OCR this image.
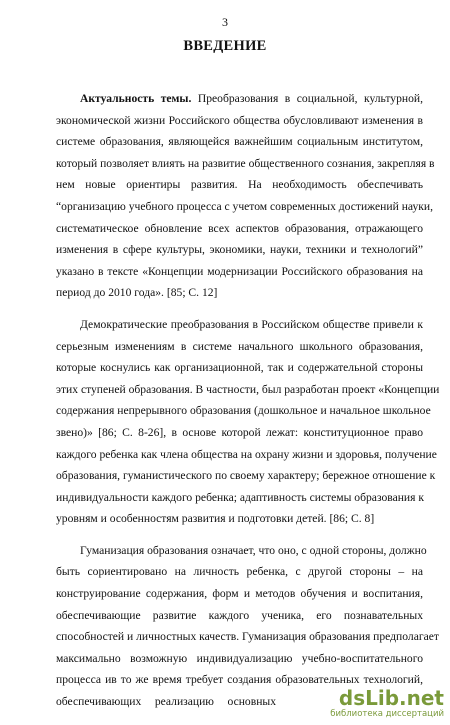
3
ВВЕДЕНИЕ
Актуальность темы. Преобразования в социальной, культурной,
экономической жизни Российского общества обусловливают изменения в
системе образования, являющейся важнейшим социальным институтом,
который позволяет влиять на развитие общественного сознания, закрепляя в
нем новые ориентиры развития. На необходимость обеспечивать
“организацию учебного процесса с учетом современных достижений науки,
систематическое обновление всех аспектов образования, отражающего
изменения в сфере культуры, экономики, науки, техники и технологий”
указано в тексте «Концепции модернизации Российского образования на
период до 2010 года». [85; С. 12]
Демократические преобразования в Российском обществе привели к
серьезным изменениям в системе начального школьного образования,
которые коснулись как организационной, так и содержательной стороны
этих ступеней образования. В частности, был разработан проект «Концепции
содержания непрерывного образования (дошкольное и начальное школьное
звено)» [86; С. 8-26], в основе которой лежат: конституционное право
каждого ребенка как члена общества на охрану жизни и здоровья, получение
образования, гуманистического по своему характеру; бережное отношение к
индивидуальности каждого ребенка; адаптивность системы образования к
уровням и особенностям развития и подготовки детей. [86; С. 8]
Гуманизация образования означает, что оно, с одной стороны, должно
быть сориентировано на личность ребенка, с другой стороны – на
конструирование содержания, форм и методов обучения и воспитания,
обеспечивающие развитие каждого ученика, его познавательных
способностей и личностных качеств. Гуманизация образования предполагает
максимально возможную индивидуализацию учебно-воспитательного
процесса ив то же время требует создания образовательных технологий,
обеспечивающих реализацию основных	dsLib.net
библиотека диссертаций
